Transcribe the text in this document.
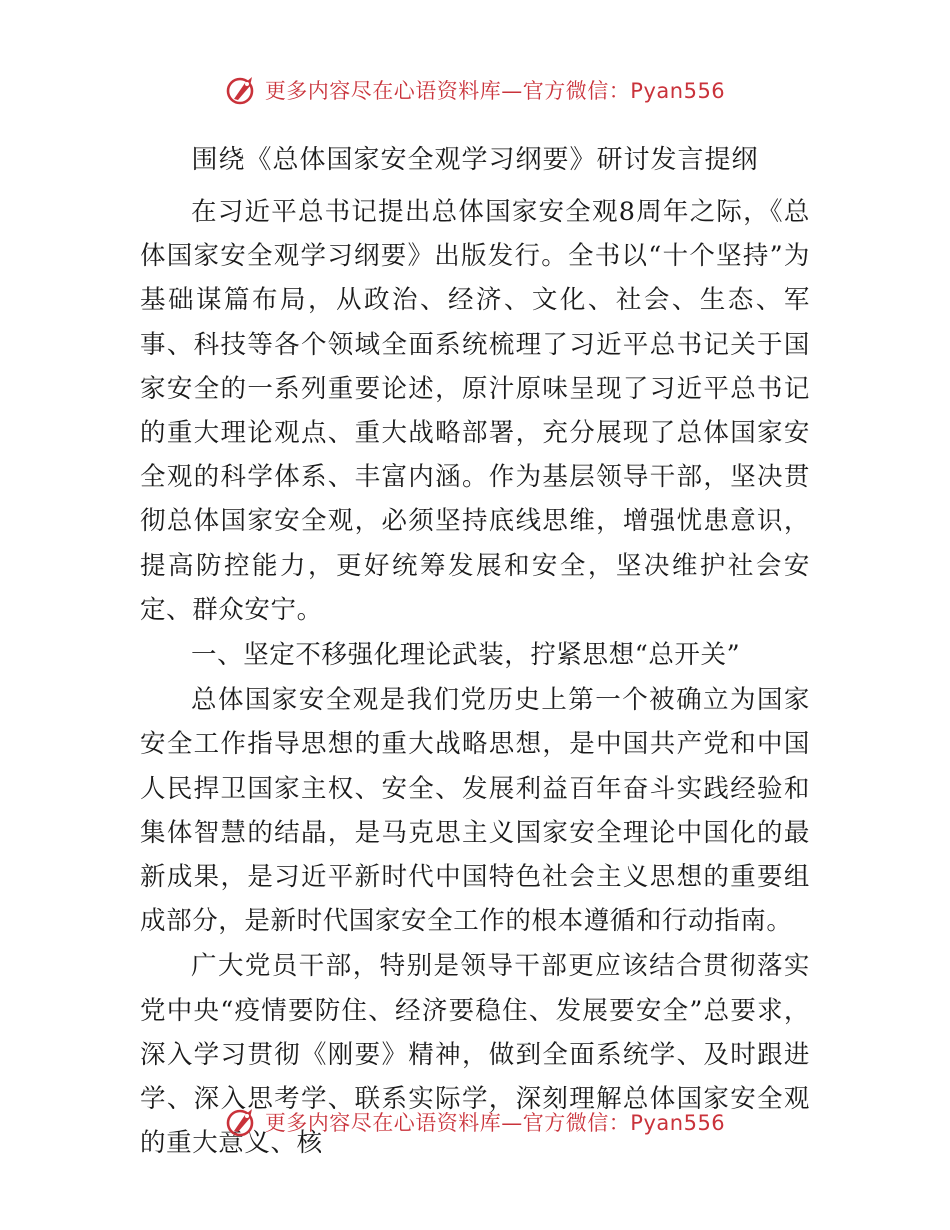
更多内容尽在心语资料库—官方微信：Pyan556
围绕《总体国家安全观学习纲要》研讨发言提纲

在习近平总书记提出总体国家安全观8周年之际，《总体国家安全观学习纲要》出版发行。全书以“十个坚持”为基础谋篇布局，从政治、经济、文化、社会、生态、军事、科技等各个领域全面系统梳理了习近平总书记关于国家安全的一系列重要论述，原汁原味呈现了习近平总书记的重大理论观点、重大战略部署，充分展现了总体国家安全观的科学体系、丰富内涵。作为基层领导干部，坚决贯彻总体国家安全观，必须坚持底线思维，增强忧患意识，提高防控能力，更好统筹发展和安全，坚决维护社会安定、群众安宁。

一、坚定不移强化理论武装，拧紧思想“总开关”

总体国家安全观是我们党历史上第一个被确立为国家安全工作指导思想的重大战略思想，是中国共产党和中国人民捍卫国家主权、安全、发展利益百年奋斗实践经验和集体智慧的结晶，是马克思主义国家安全理论中国化的最新成果，是习近平新时代中国特色社会主义思想的重要组成部分，是新时代国家安全工作的根本遵循和行动指南。

广大党员干部，特别是领导干部更应该结合贯彻落实党中央“疫情要防住、经济要稳住、发展要安全”总要求，深入学习贯彻《刚要》精神，做到全面系统学、及时跟进学、深入思考学、联系实际学，深刻理解总体国家安全观的重大意义、核

更多内容尽在心语资料库—官方微信：Pyan556
